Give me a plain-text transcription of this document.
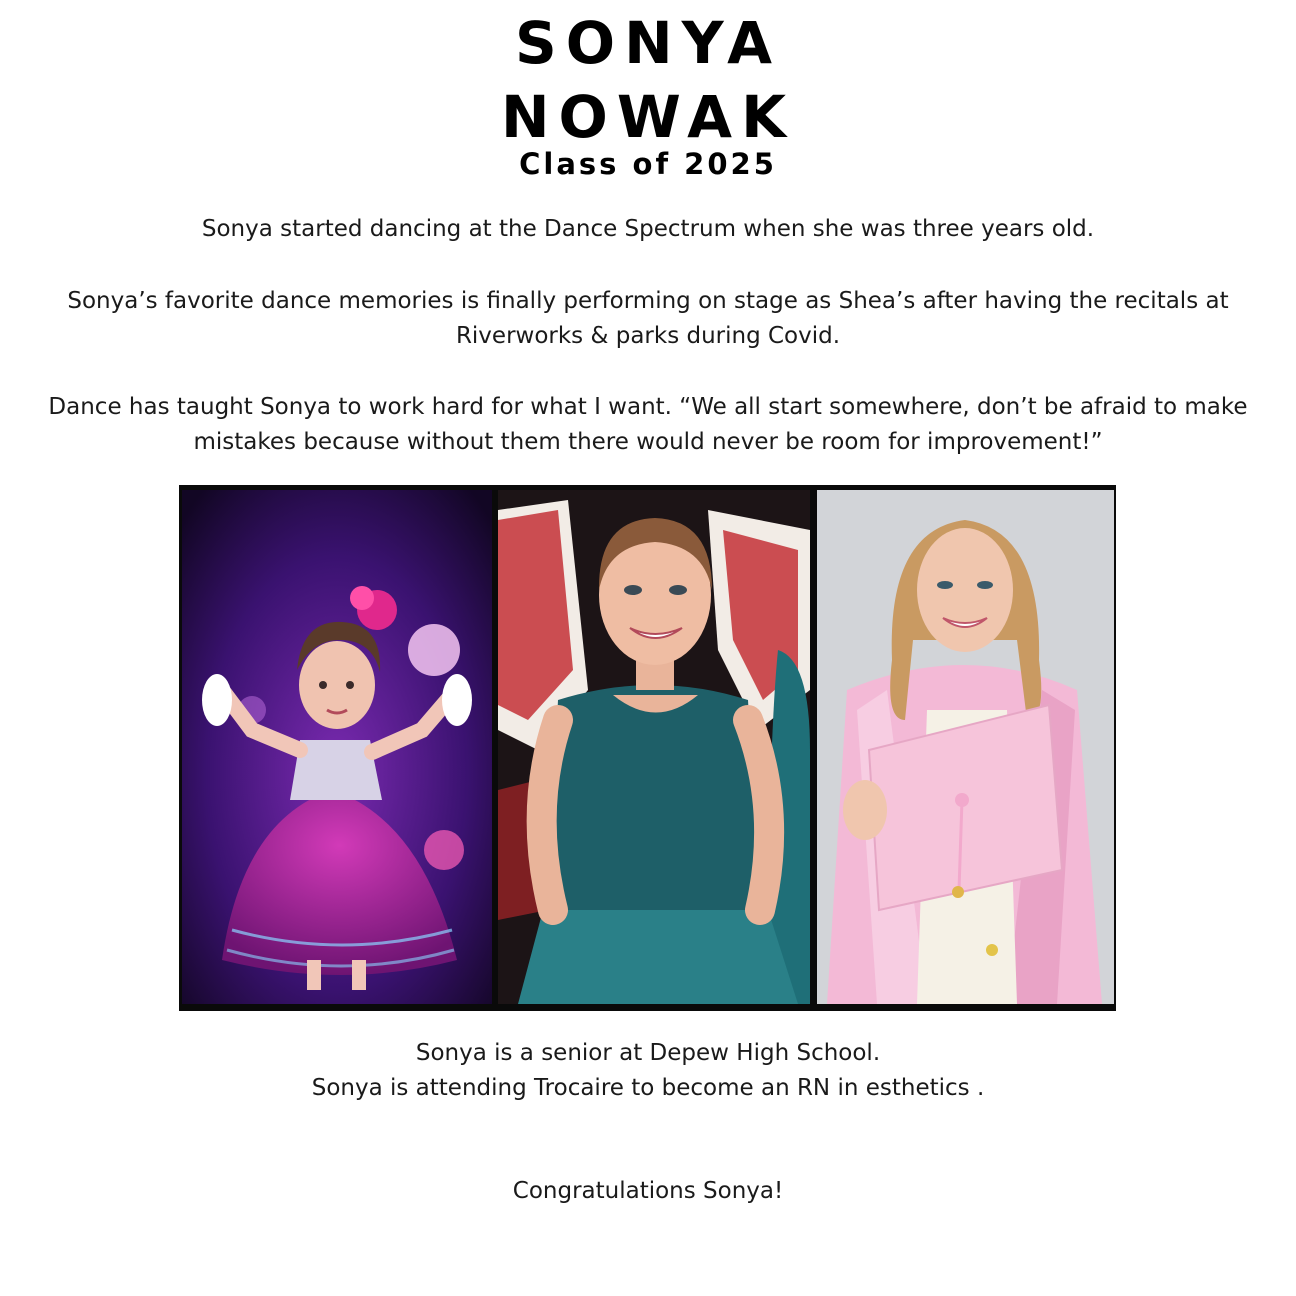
SONYA
NOWAK
Class of 2025

Sonya started dancing at the Dance Spectrum when she was three years old.

Sonya’s favorite dance memories is finally performing on stage as Shea’s after having the recitals at Riverworks & parks during Covid.

Dance has taught Sonya to work hard for what I want. “We all start somewhere, don’t be afraid to make mistakes because without them there would never be room for improvement!”

Sonya is a senior at Depew High School.
Sonya is attending Trocaire to become an RN in esthetics .

Congratulations Sonya!
